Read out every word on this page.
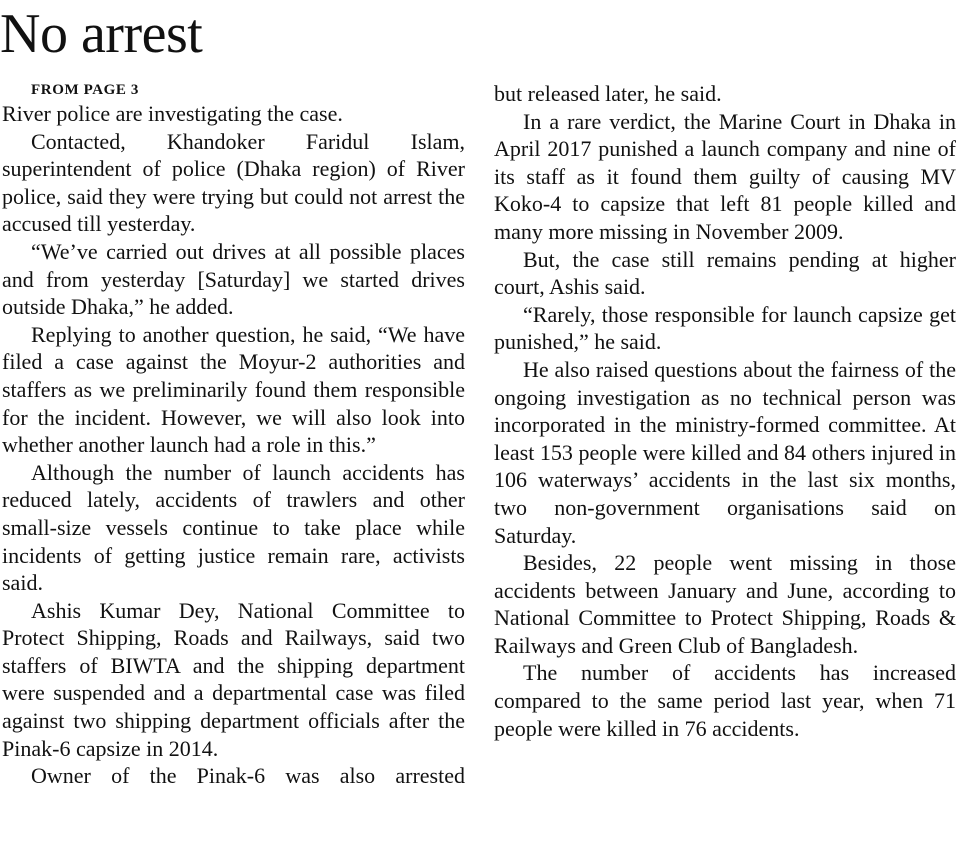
No arrest

FROM PAGE 3

River police are investigating the case.

Contacted, Khandoker Faridul Islam, superintendent of police (Dhaka region) of River police, said they were trying but could not arrest the accused till yesterday.

“We’ve carried out drives at all possible places and from yesterday [Saturday] we started drives outside Dhaka,” he added.

Replying to another question, he said, “We have filed a case against the Moyur-2 authorities and staffers as we preliminarily found them responsible for the incident. However, we will also look into whether another launch had a role in this.”

Although the number of launch accidents has reduced lately, accidents of trawlers and other small-size vessels continue to take place while incidents of getting justice remain rare, activists said.

Ashis Kumar Dey, National Committee to Protect Shipping, Roads and Railways, said two staffers of BIWTA and the shipping department were suspended and a departmental case was filed against two shipping department officials after the Pinak-6 capsize in 2014.

Owner of the Pinak-6 was also arrested

but released later, he said.

In a rare verdict, the Marine Court in Dhaka in April 2017 punished a launch company and nine of its staff as it found them guilty of causing MV Koko-4 to capsize that left 81 people killed and many more missing in November 2009.

But, the case still remains pending at higher court, Ashis said.

“Rarely, those responsible for launch capsize get punished,” he said.

He also raised questions about the fairness of the ongoing investigation as no technical person was incorporated in the ministry-formed committee. At least 153 people were killed and 84 others injured in 106 waterways’ accidents in the last six months, two non-government organisations said on Saturday.

Besides, 22 people went missing in those accidents between January and June, according to National Committee to Protect Shipping, Roads & Railways and Green Club of Bangladesh.

The number of accidents has increased compared to the same period last year, when 71 people were killed in 76 accidents.
